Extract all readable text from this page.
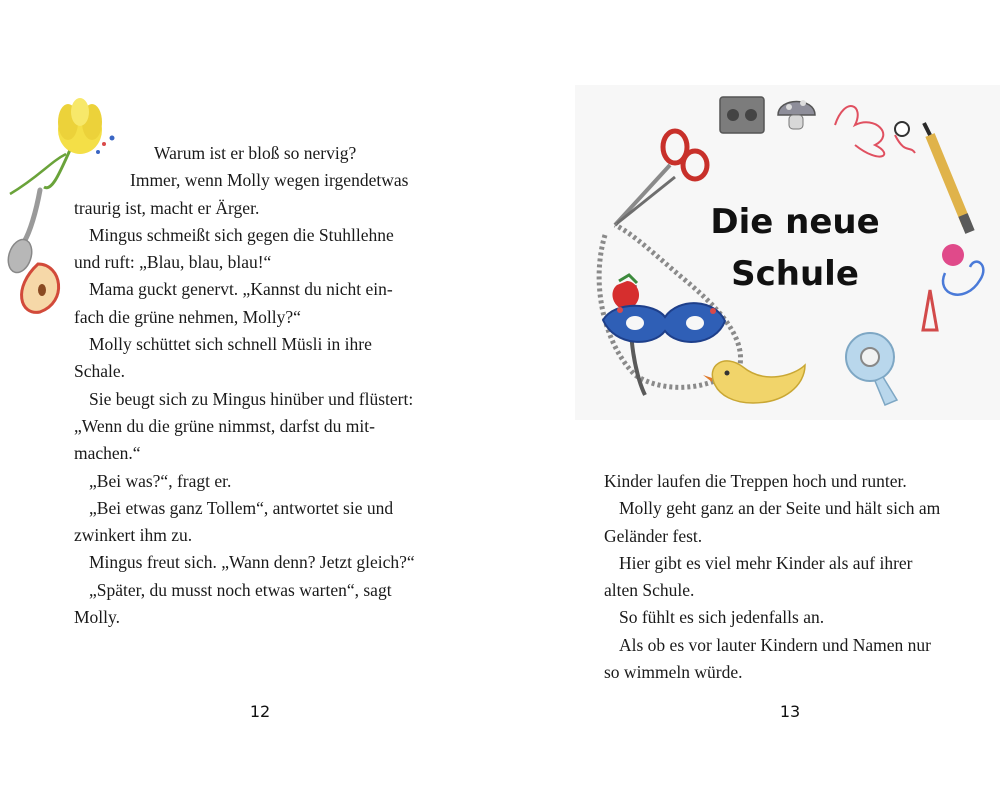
Warum ist er bloß so nervig?
Immer, wenn Molly wegen irgendetwas
traurig ist, macht er Ärger.
Mingus schmeißt sich gegen die Stuhllehne
und ruft: „Blau, blau, blau!“
Mama guckt genervt. „Kannst du nicht ein-
fach die grüne nehmen, Molly?“
Molly schüttet sich schnell Müsli in ihre
Schale.
Sie beugt sich zu Mingus hinüber und flüstert:
„Wenn du die grüne nimmst, darfst du mit-
machen.“
„Bei was?“, fragt er.
„Bei etwas ganz Tollem“, antwortet sie und
zwinkert ihm zu.
Mingus freut sich. „Wann denn? Jetzt gleich?“
„Später, du musst noch etwas warten“, sagt
Molly.
12
Die neue
Schule
Kinder laufen die Treppen hoch und runter.
Molly geht ganz an der Seite und hält sich am
Geländer fest.
Hier gibt es viel mehr Kinder als auf ihrer
alten Schule.
So fühlt es sich jedenfalls an.
Als ob es vor lauter Kindern und Namen nur
so wimmeln würde.
13
